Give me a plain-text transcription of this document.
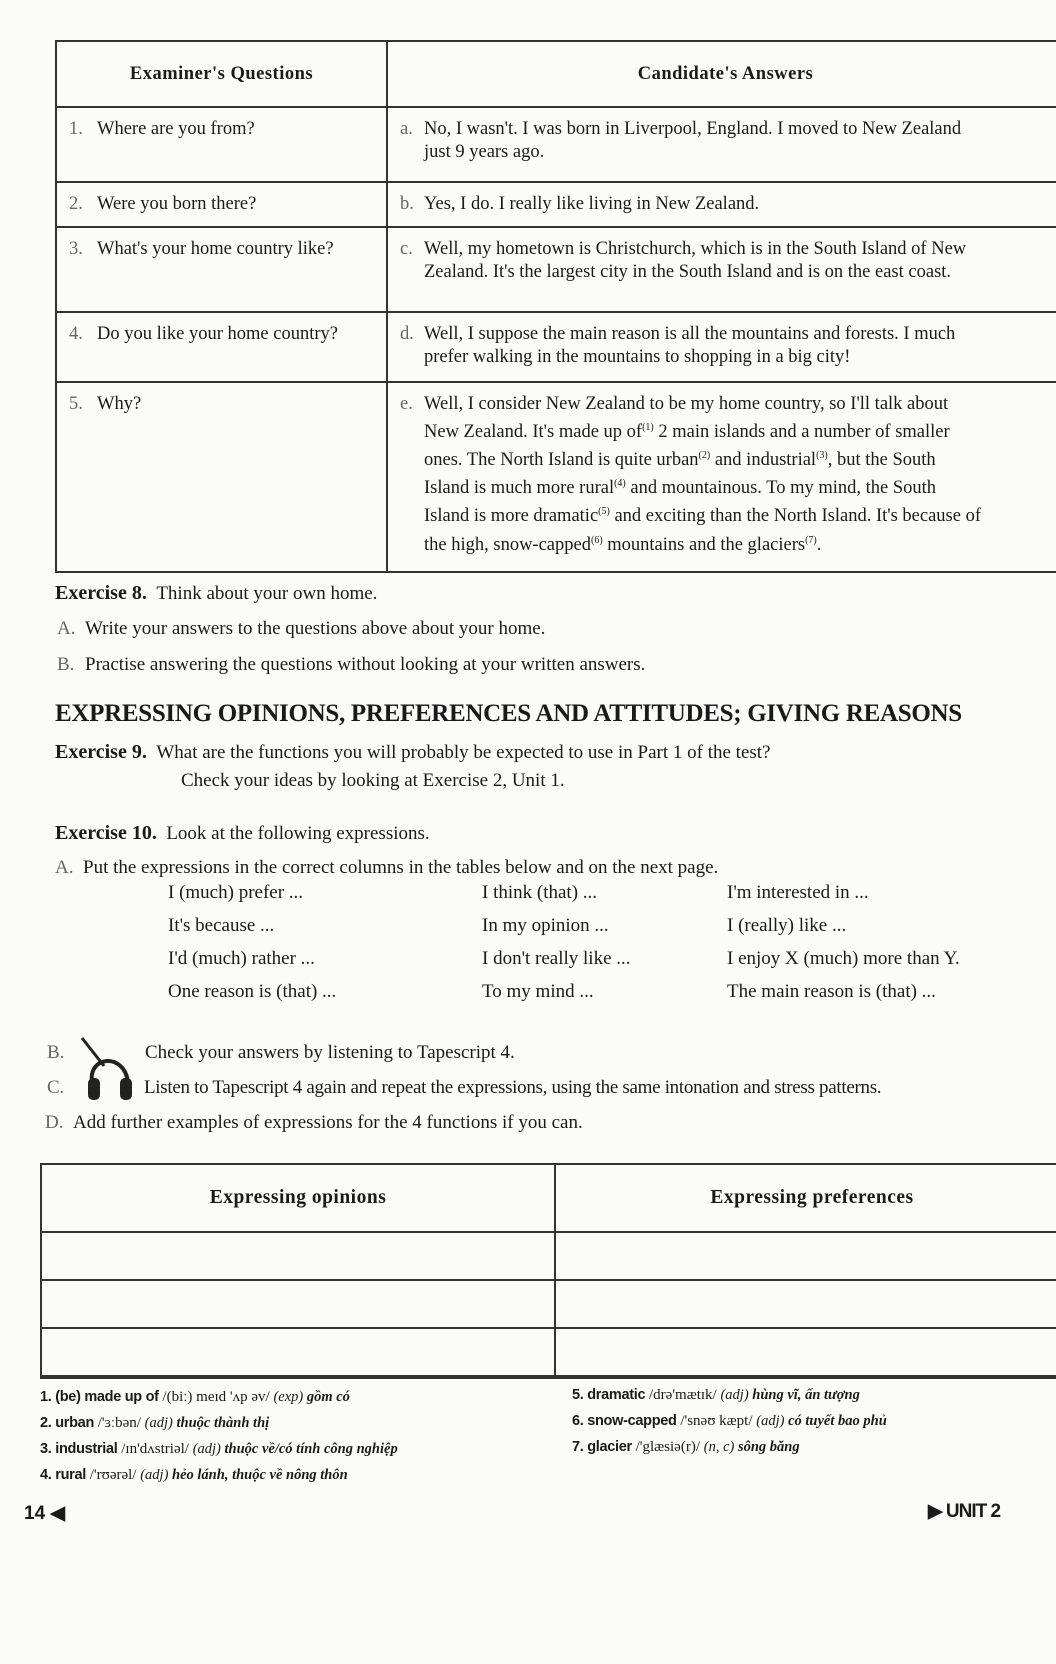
Examiner's Questions	Candidate's Answers
1. Where are you from?	a. No, I wasn't. I was born in Liverpool, England. I moved to New Zealand just 9 years ago.
2. Were you born there?	b. Yes, I do. I really like living in New Zealand.
3. What's your home country like?	c. Well, my hometown is Christchurch, which is in the South Island of New Zealand. It's the largest city in the South Island and is on the east coast.
4. Do you like your home country?	d. Well, I suppose the main reason is all the mountains and forests. I much prefer walking in the mountains to shopping in a big city!
5. Why?	e. Well, I consider New Zealand to be my home country, so I'll talk about New Zealand. It's made up $of^{(1)}$ 2 main islands and a number of smaller ones. The North Island is quite urban$^{(2)}$ and industrial$^{(3)}$, but the South Island is much more rural$^{(4)}$ and mountainous. To my mind, the South Island is more dramatic$^{(5)}$ and exciting than the North Island. It's because of the high, snow-capped$^{(6)}$ mountains and the glaciers$^{(7)}$.
Exercise 8. Think about your own home.
A. Write your answers to the questions above about your home.
B. Practise answering the questions without looking at your written answers.
EXPRESSING OPINIONS, PREFERENCES AND ATTITUDES; GIVING REASONS
Exercise 9. What are the functions you will probably be expected to use in Part 1 of the test?
Check your ideas by looking at Exercise 2, Unit 1.
Exercise 10. Look at the following expressions.
A. Put the expressions in the correct columns in the tables below and on the next page.
I (much) prefer ...	I think (that) ...	I'm interested in ...
It's because ...	In my opinion ...	I (really) like ...
I'd (much) rather ...	I don't really like ...	I enjoy X (much) more than Y.
One reason is (that) ...	To my mind ...	The main reason is (that) ...
B.	Check your answers by listening to Tapescript 4.
C.	Listen to Tapescript 4 again and repeat the expressions, using the same intonation and stress patterns.
D. Add further examples of expressions for the 4 functions if you can.
Expressing opinions	Expressing preferences

1. (be) made up of /(biː) meɪd 'ʌp əv/ (exp) gồm có
2. urban /'ɜːbən/ (adj) thuộc thành thị
3. industrial /ɪn'dʌstriəl/ (adj) thuộc về/có tính công nghiệp
4. rural /'rʊərəl/ (adj) hẻo lánh, thuộc về nông thôn
5. dramatic /drə'mætɪk/ (adj) hùng vĩ, ấn tượng
6. snow-capped /'snəʊ kæpt/ (adj) có tuyết bao phủ
7. glacier /'glæsiə(r)/ (n, c) sông băng
14 ◀	▶ UNIT 2
